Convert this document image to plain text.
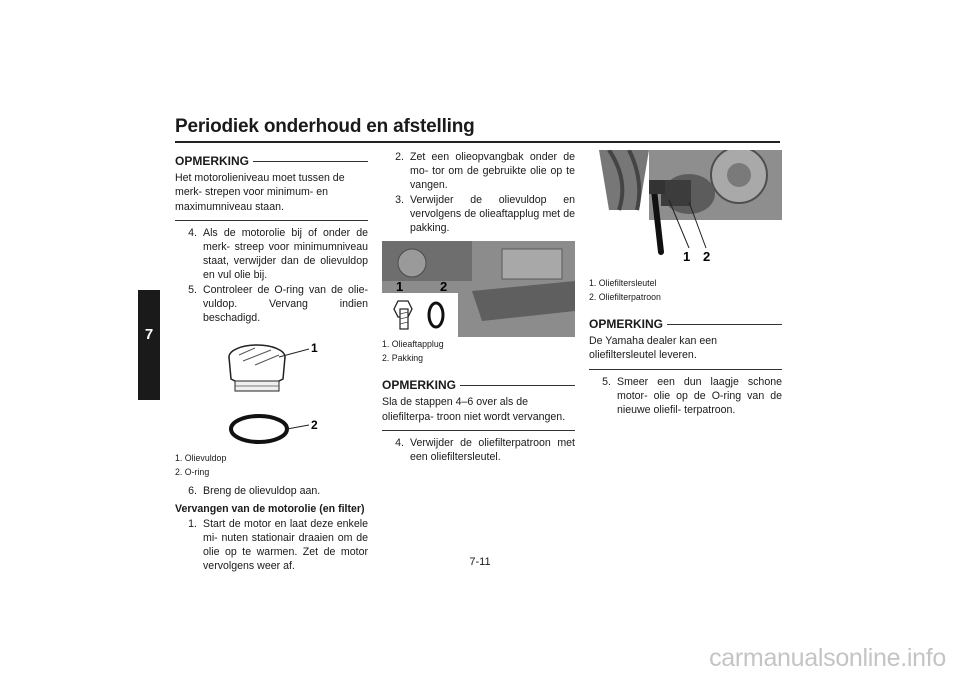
Periodiek onderhoud en afstelling
7
OPMERKING
Het motorolieniveau moet tussen de merk- strepen voor minimum- en maximumniveau staan.
4. Als de motorolie bij of onder de merk- streep voor minimumniveau staat, verwijder dan de olievuldop en vul olie bij.
5. Controleer de O-ring van de olie- vuldop. Vervang indien beschadigd.
1
2
1. Olievuldop
2. O-ring
6. Breng de olievuldop aan.
Vervangen van de motorolie (en filter)
1. Start de motor en laat deze enkele mi- nuten stationair draaien om de olie op te warmen. Zet de motor vervolgens weer af.
2. Zet een olieopvangbak onder de mo- tor om de gebruikte olie op te vangen.
3. Verwijder de olievuldop en vervolgens de olieaftapplug met de pakking.
1	2
1. Olieaftapplug
2. Pakking
OPMERKING
Sla de stappen 4–6 over als de oliefilterpa- troon niet wordt vervangen.
4. Verwijder de oliefilterpatroon met een oliefiltersleutel.
1 2
1. Oliefiltersleutel
2. Oliefilterpatroon
OPMERKING
De Yamaha dealer kan een oliefiltersleutel leveren.
5. Smeer een dun laagje schone motor- olie op de O-ring van de nieuwe oliefil- terpatroon.
7-11
carmanualsonline.info
